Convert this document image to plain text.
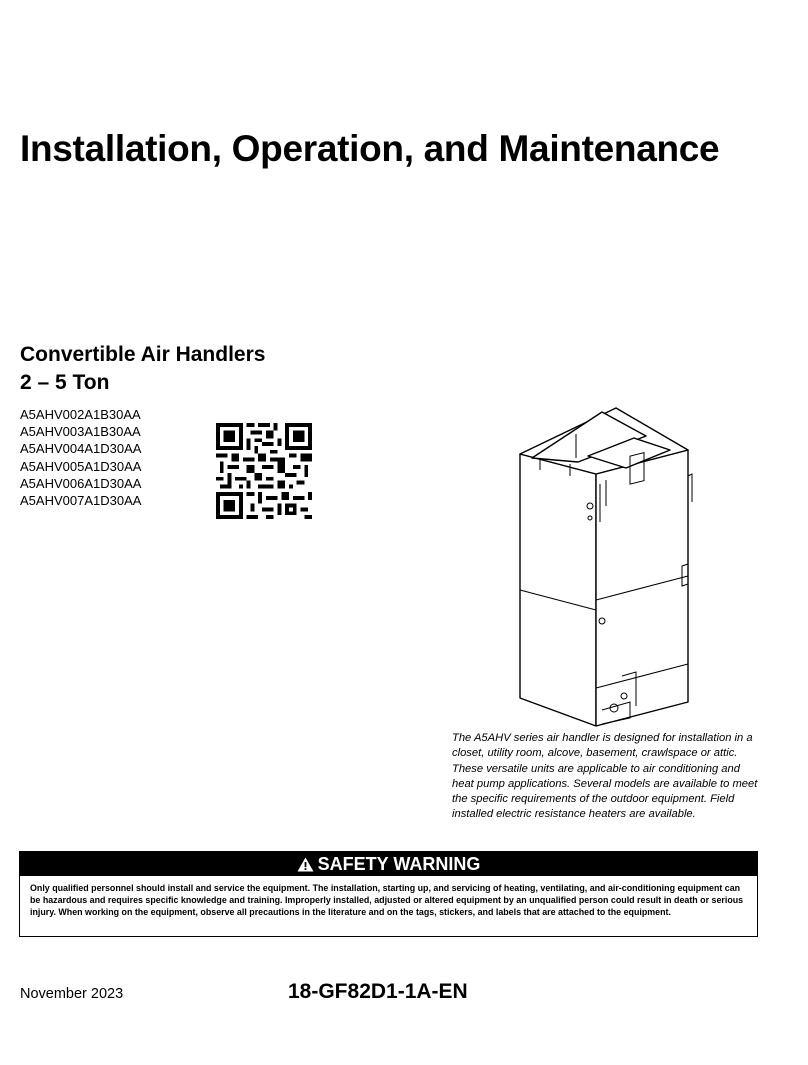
Installation, Operation, and Maintenance
Convertible Air Handlers
2 – 5 Ton
A5AHV002A1B30AA
A5AHV003A1B30AA
A5AHV004A1D30AA
A5AHV005A1D30AA
A5AHV006A1D30AA
A5AHV007A1D30AA
The A5AHV series air handler is designed for installation in a closet, utility room, alcove, basement, crawlspace or attic. These versatile units are applicable to air conditioning and heat pump applications. Several models are available to meet the specific requirements of the outdoor equipment. Field installed electric resistance heaters are available.
SAFETY WARNING
Only qualified personnel should install and service the equipment. The installation, starting up, and servicing of heating, ventilating, and air-conditioning equipment can be hazardous and requires specific knowledge and training. Improperly installed, adjusted or altered equipment by an unqualified person could result in death or serious injury. When working on the equipment, observe all precautions in the literature and on the tags, stickers, and labels that are attached to the equipment.
November 2023	18-GF82D1-1A-EN
